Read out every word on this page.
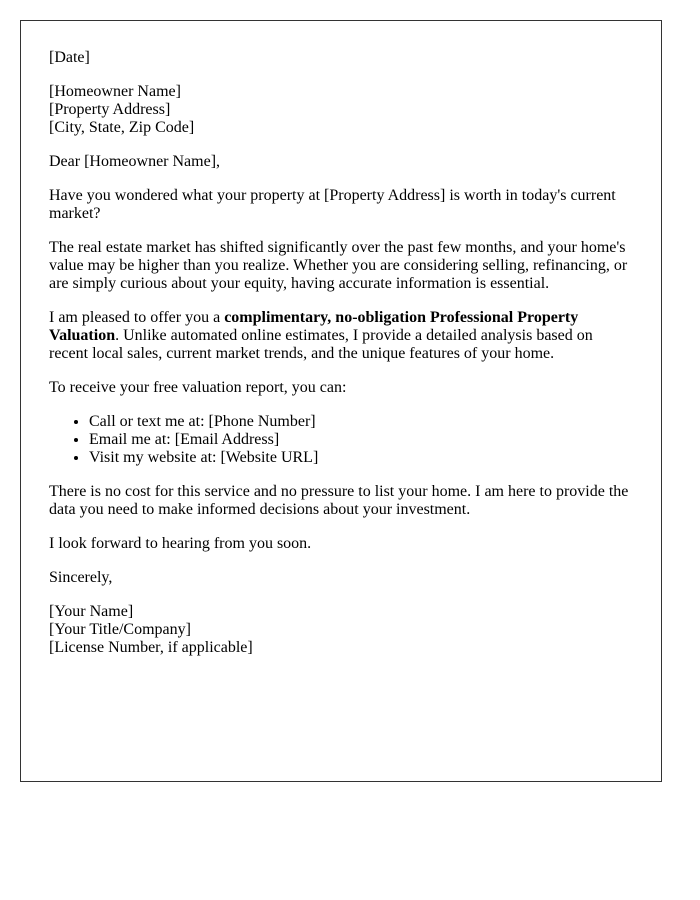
[Date]

[Homeowner Name]
[Property Address]
[City, State, Zip Code]

Dear [Homeowner Name],

Have you wondered what your property at [Property Address] is worth in today's current market?

The real estate market has shifted significantly over the past few months, and your home's value may be higher than you realize. Whether you are considering selling, refinancing, or are simply curious about your equity, having accurate information is essential.

I am pleased to offer you a complimentary, no-obligation Professional Property Valuation. Unlike automated online estimates, I provide a detailed analysis based on recent local sales, current market trends, and the unique features of your home.

To receive your free valuation report, you can:

• Call or text me at: [Phone Number]
• Email me at: [Email Address]
• Visit my website at: [Website URL]

There is no cost for this service and no pressure to list your home. I am here to provide the data you need to make informed decisions about your investment.

I look forward to hearing from you soon.

Sincerely,

[Your Name]
[Your Title/Company]
[License Number, if applicable]
